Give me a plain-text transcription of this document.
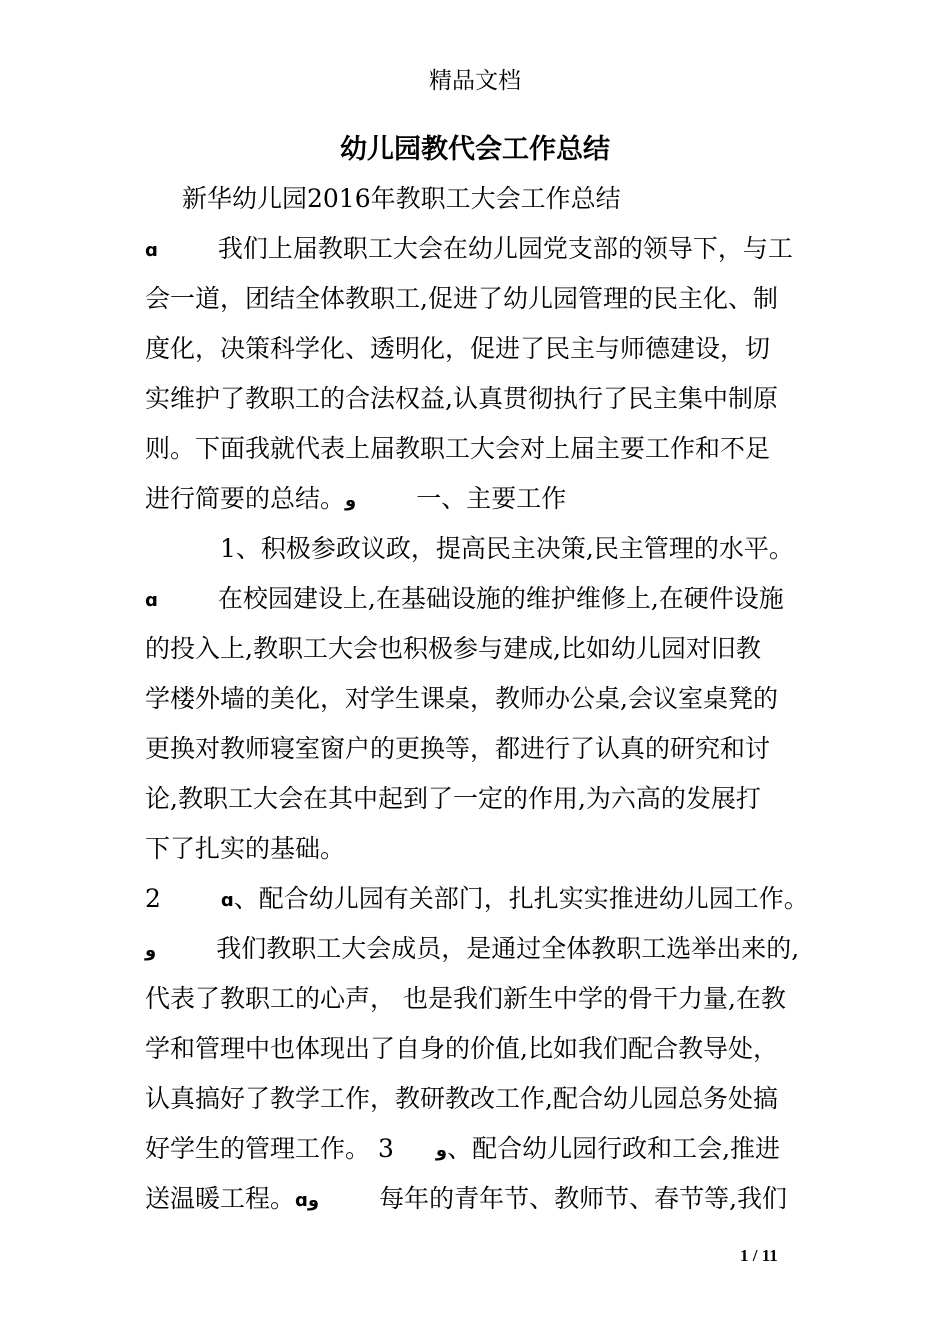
精品文档
幼儿园教代会工作总结
新华幼儿园2016年教职工大会工作总结
ɑ 我们上届教职工大会在幼儿园党支部的领导下，与工
会一道，团结全体教职工,促进了幼儿园管理的民主化、制
度化，决策科学化、透明化，促进了民主与师德建设，切
实维护了教职工的合法权益,认真贯彻执行了民主集中制原
则。下面我就代表上届教职工大会对上届主要工作和不足
进行简要的总结。ﻭ 一、主要工作
1、积极参政议政，提高民主决策,民主管理的水平。
ɑ 在校园建设上,在基础设施的维护维修上,在硬件设施
的投入上,教职工大会也积极参与建成,比如幼儿园对旧教
学楼外墙的美化，对学生课桌，教师办公桌,会议室桌凳的
更换对教师寝室窗户的更换等，都进行了认真的研究和讨
论,教职工大会在其中起到了一定的作用,为六高的发展打
下了扎实的基础。
2	ɑ、配合幼儿园有关部门，扎扎实实推进幼儿园工作。
ﻭ 我们教职工大会成员，是通过全体教职工选举出来的,
代表了教职工的心声， 也是我们新生中学的骨干力量,在教
学和管理中也体现出了自身的价值,比如我们配合教导处，
认真搞好了教学工作，教研教改工作,配合幼儿园总务处搞
好学生的管理工作。 3 ﻭ、配合幼儿园行政和工会,推进
送温暖工程。ɑﻭ 每年的青年节、教师节、春节等,我们
1 / 11
